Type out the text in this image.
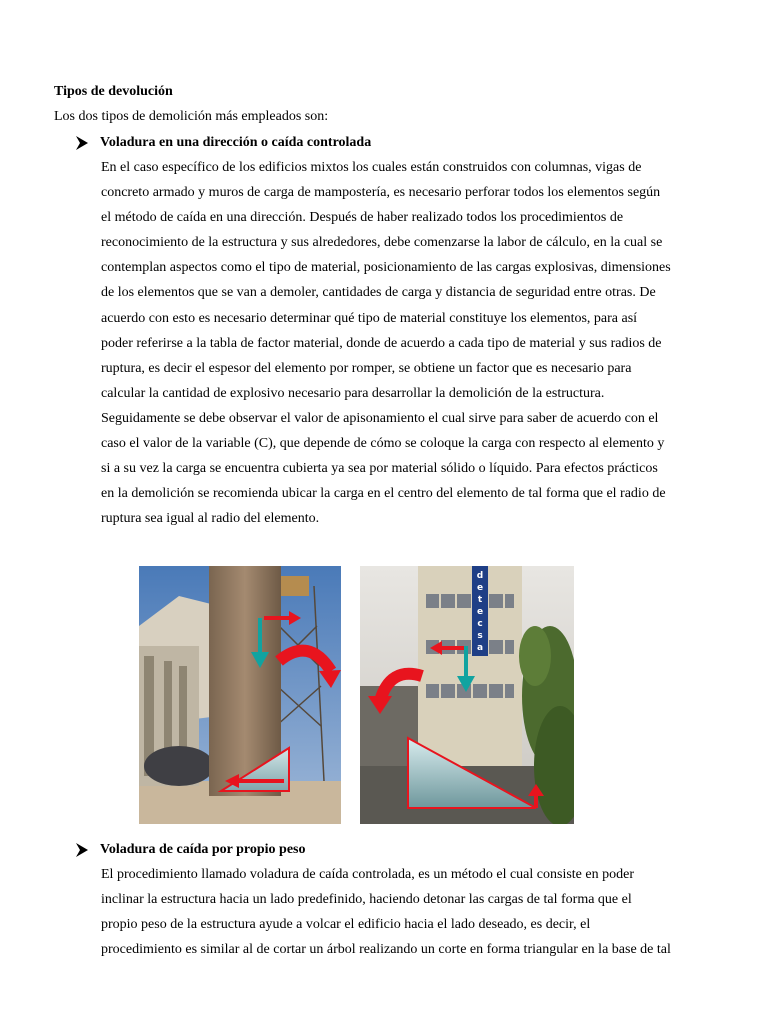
Tipos de devolución
Los dos tipos de demolición más empleados son:
Voladura en una dirección o caída controlada
En el caso específico de los edificios mixtos los cuales están construidos con columnas, vigas de
concreto armado y muros de carga de mampostería, es necesario perforar todos los elementos según
el método de caída en una dirección. Después de haber realizado todos los procedimientos de
reconocimiento de la estructura y sus alrededores, debe comenzarse la labor de cálculo, en la cual se
contemplan aspectos como el tipo de material, posicionamiento de las cargas explosivas, dimensiones
de los elementos que se van a demoler, cantidades de carga y distancia de seguridad entre otras. De
acuerdo con esto es necesario determinar qué tipo de material constituye los elementos, para así
poder referirse a la tabla de factor material, donde de acuerdo a cada tipo de material y sus radios de
ruptura, es decir el espesor del elemento por romper, se obtiene un factor que es necesario para
calcular la cantidad de explosivo necesario para desarrollar la demolición de la estructura.
Seguidamente se debe observar el valor de apisonamiento el cual sirve para saber de acuerdo con el
caso el valor de la variable (C), que depende de cómo se coloque la carga con respecto al elemento y
si a su vez la carga se encuentra cubierta ya sea por material sólido o líquido. Para efectos prácticos
en la demolición se recomienda ubicar la carga en el centro del elemento de tal forma que el radio de
ruptura sea igual al radio del elemento.
d
e
t
e
c
s
a
Voladura de caída por propio peso
El procedimiento llamado voladura de caída controlada, es un método el cual consiste en poder
inclinar la estructura hacia un lado predefinido, haciendo detonar las cargas de tal forma que el
propio peso de la estructura ayude a volcar el edificio hacia el lado deseado, es decir, el
procedimiento es similar al de cortar un árbol realizando un corte en forma triangular en la base de tal
